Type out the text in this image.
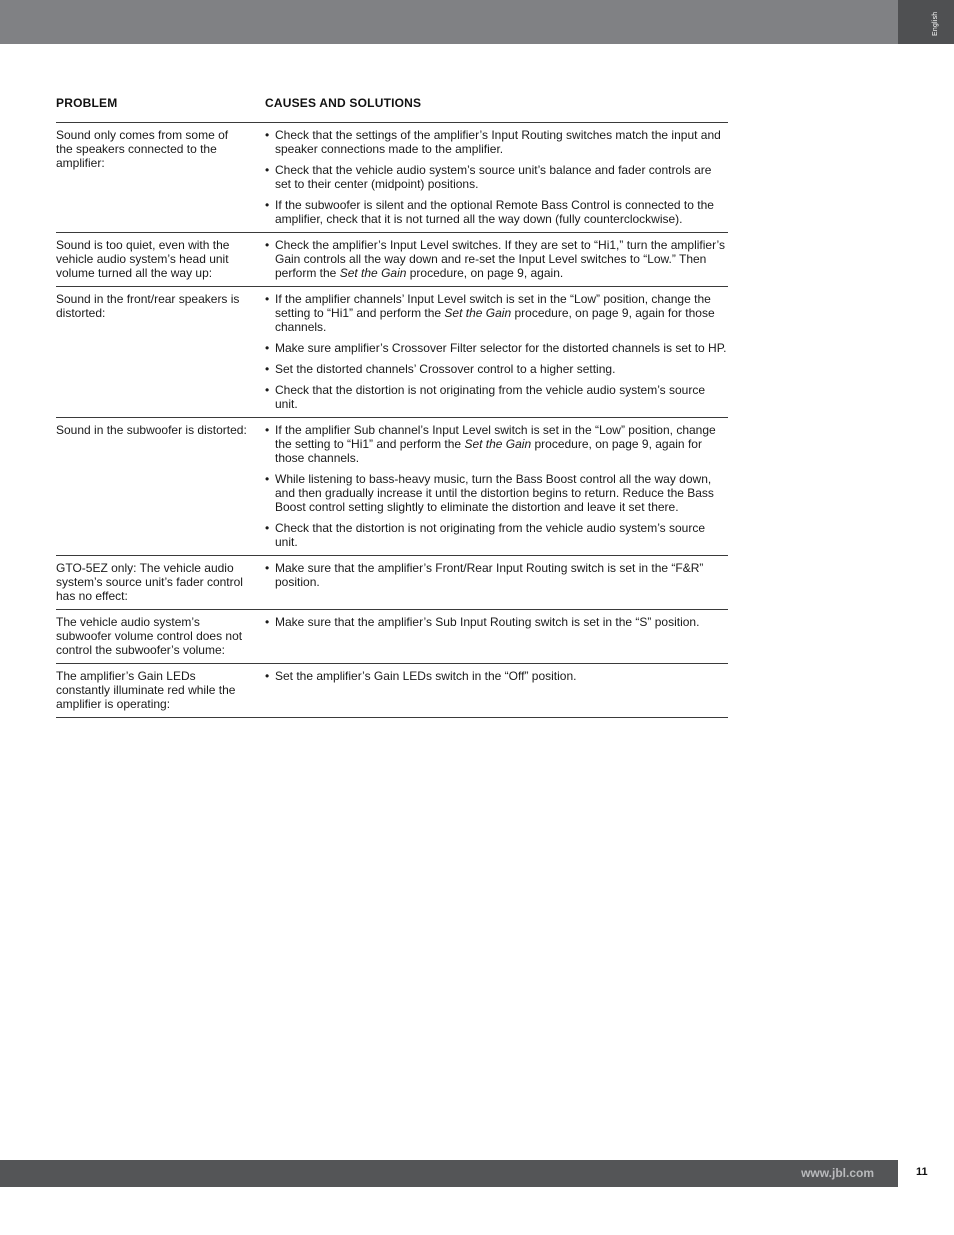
English
PROBLEM	CAUSES AND SOLUTIONS
Sound only comes from some of the speakers connected to the amplifier:
• Check that the settings of the amplifier’s Input Routing switches match the input and speaker connections made to the amplifier.
• Check that the vehicle audio system’s source unit’s balance and fader controls are set to their center (midpoint) positions.
• If the subwoofer is silent and the optional Remote Bass Control is connected to the amplifier, check that it is not turned all the way down (fully counterclockwise).
Sound is too quiet, even with the vehicle audio system’s head unit volume turned all the way up:
• Check the amplifier’s Input Level switches. If they are set to “Hi1,” turn the amplifier’s Gain controls all the way down and re-set the Input Level switches to “Low.” Then perform the Set the Gain procedure, on page 9, again.
Sound in the front/rear speakers is distorted:
• If the amplifier channels’ Input Level switch is set in the “Low” position, change the setting to “Hi1” and perform the Set the Gain procedure, on page 9, again for those channels.
• Make sure amplifier’s Crossover Filter selector for the distorted channels is set to HP.
• Set the distorted channels’ Crossover control to a higher setting.
• Check that the distortion is not originating from the vehicle audio system’s source unit.
Sound in the subwoofer is distorted:
•	If the amplifier Sub channel’s Input Level switch is set in the “Low” position, change the setting to “Hi1” and perform the Set the Gain procedure, on page 9, again for those channels.
• While listening to bass-heavy music, turn the Bass Boost control all the way down, and then gradually increase it until the distortion begins to return. Reduce the Bass Boost control setting slightly to eliminate the distortion and leave it set there.
• Check that the distortion is not originating from the vehicle audio system’s source unit.
GTO-5EZ only: The vehicle audio system’s source unit’s fader control has no effect:
• Make sure that the amplifier’s Front/Rear Input Routing switch is set in the “F&R” position.
The vehicle audio system’s subwoofer volume control does not control the subwoofer’s volume:
• Make sure that the amplifier’s Sub Input Routing switch is set in the “S” position.
The amplifier’s Gain LEDs constantly illuminate red while the amplifier is operating:
• Set the amplifier’s Gain LEDs switch in the “Off” position.
www.jbl.com	11
